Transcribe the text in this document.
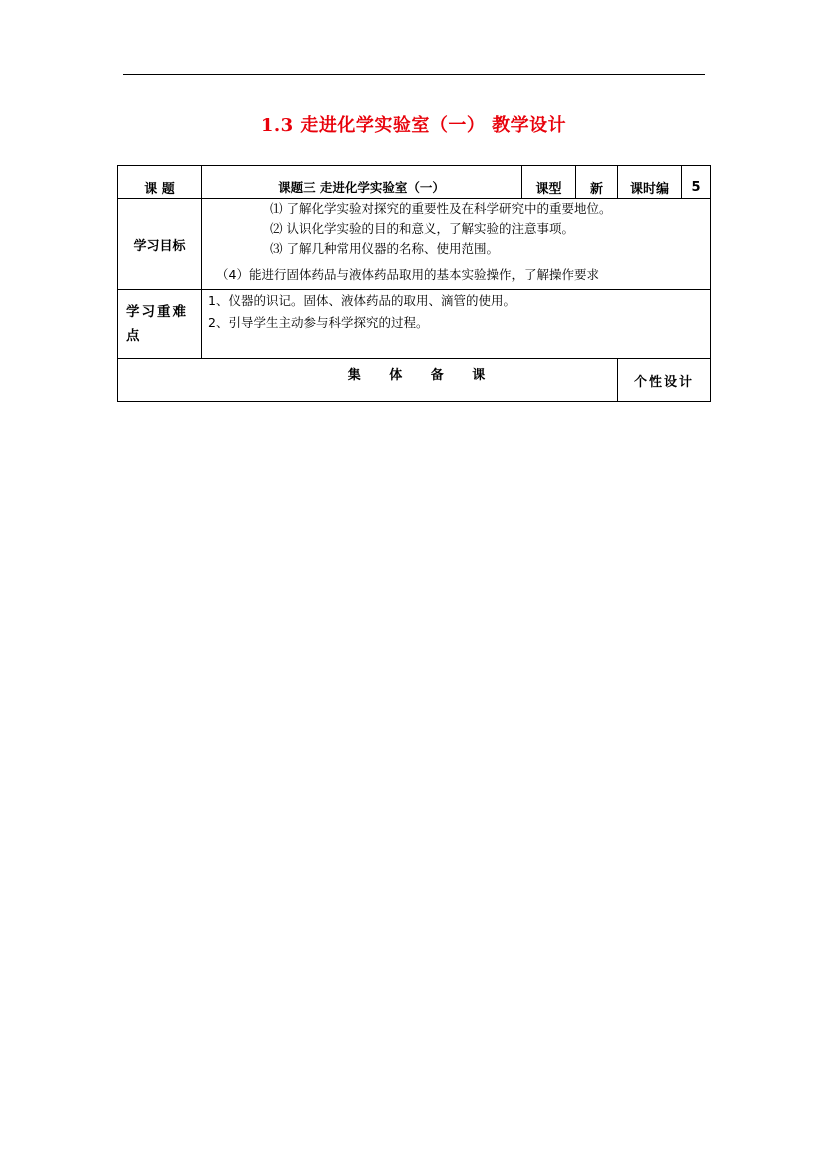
1.3 走进化学实验室（一） 教学设计
课 题	课题三 走进化学实验室（一）	课型	新	课时编	5
学习目标	⑴ 了解化学实验对探究的重要性及在科学研究中的重要地位。
⑵ 认识化学实验的目的和意义，了解实验的注意事项。
⑶ 了解几种常用仪器的名称、使用范围。
（4）能进行固体药品与液体药品取用的基本实验操作，了解操作要求				

学习重难点	1、仪器的识记。固体、液体药品的取用、滴管的使用。
2、引导学生主动参与科学探究的过程。				

集 体 备 课				个性设计	
